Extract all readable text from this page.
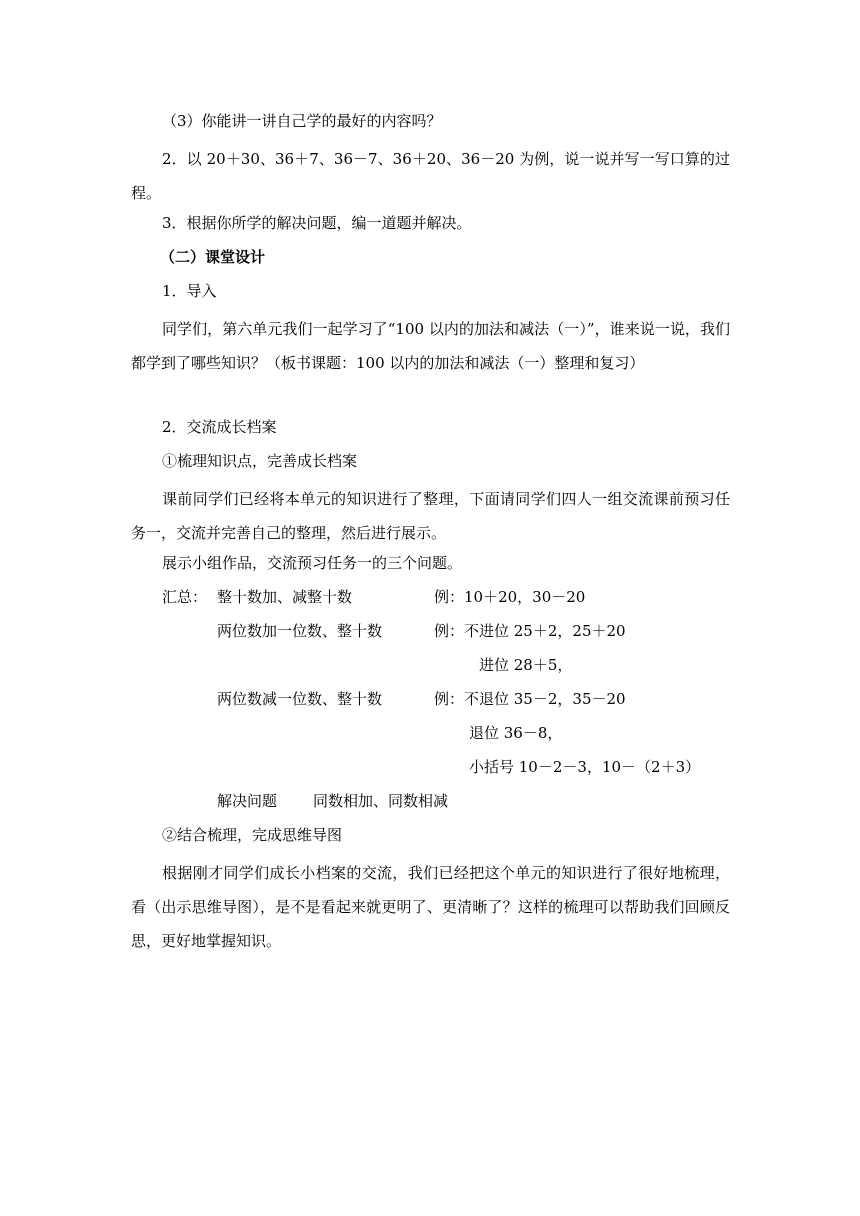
（3）你能讲一讲自己学的最好的内容吗？
2．以 20＋30、36＋7、36－7、36＋20、36－20 为例，说一说并写一写口算的过程。
3．根据你所学的解决问题，编一道题并解决。
（二）课堂设计
1．导入
同学们，第六单元我们一起学习了“100 以内的加法和减法（一）”，谁来说一说，我们都学到了哪些知识？（板书课题：100 以内的加法和减法（一）整理和复习）
2．交流成长档案
①梳理知识点，完善成长档案
课前同学们已经将本单元的知识进行了整理，下面请同学们四人一组交流课前预习任务一，交流并完善自己的整理，然后进行展示。
展示小组作品，交流预习任务一的三个问题。
汇总： 整十数加、减整十数	例：10＋20，30－20
两位数加一位数、整十数	例：不进位 25＋2，25＋20
进位 28＋5，
两位数减一位数、整十数	例：不退位 35－2，35－20
退位 36－8，
小括号 10－2－3，10－（2＋3）
解决问题 同数相加、同数相减
②结合梳理，完成思维导图
根据刚才同学们成长小档案的交流，我们已经把这个单元的知识进行了很好地梳理，看（出示思维导图），是不是看起来就更明了、更清晰了？这样的梳理可以帮助我们回顾反思，更好地掌握知识。
